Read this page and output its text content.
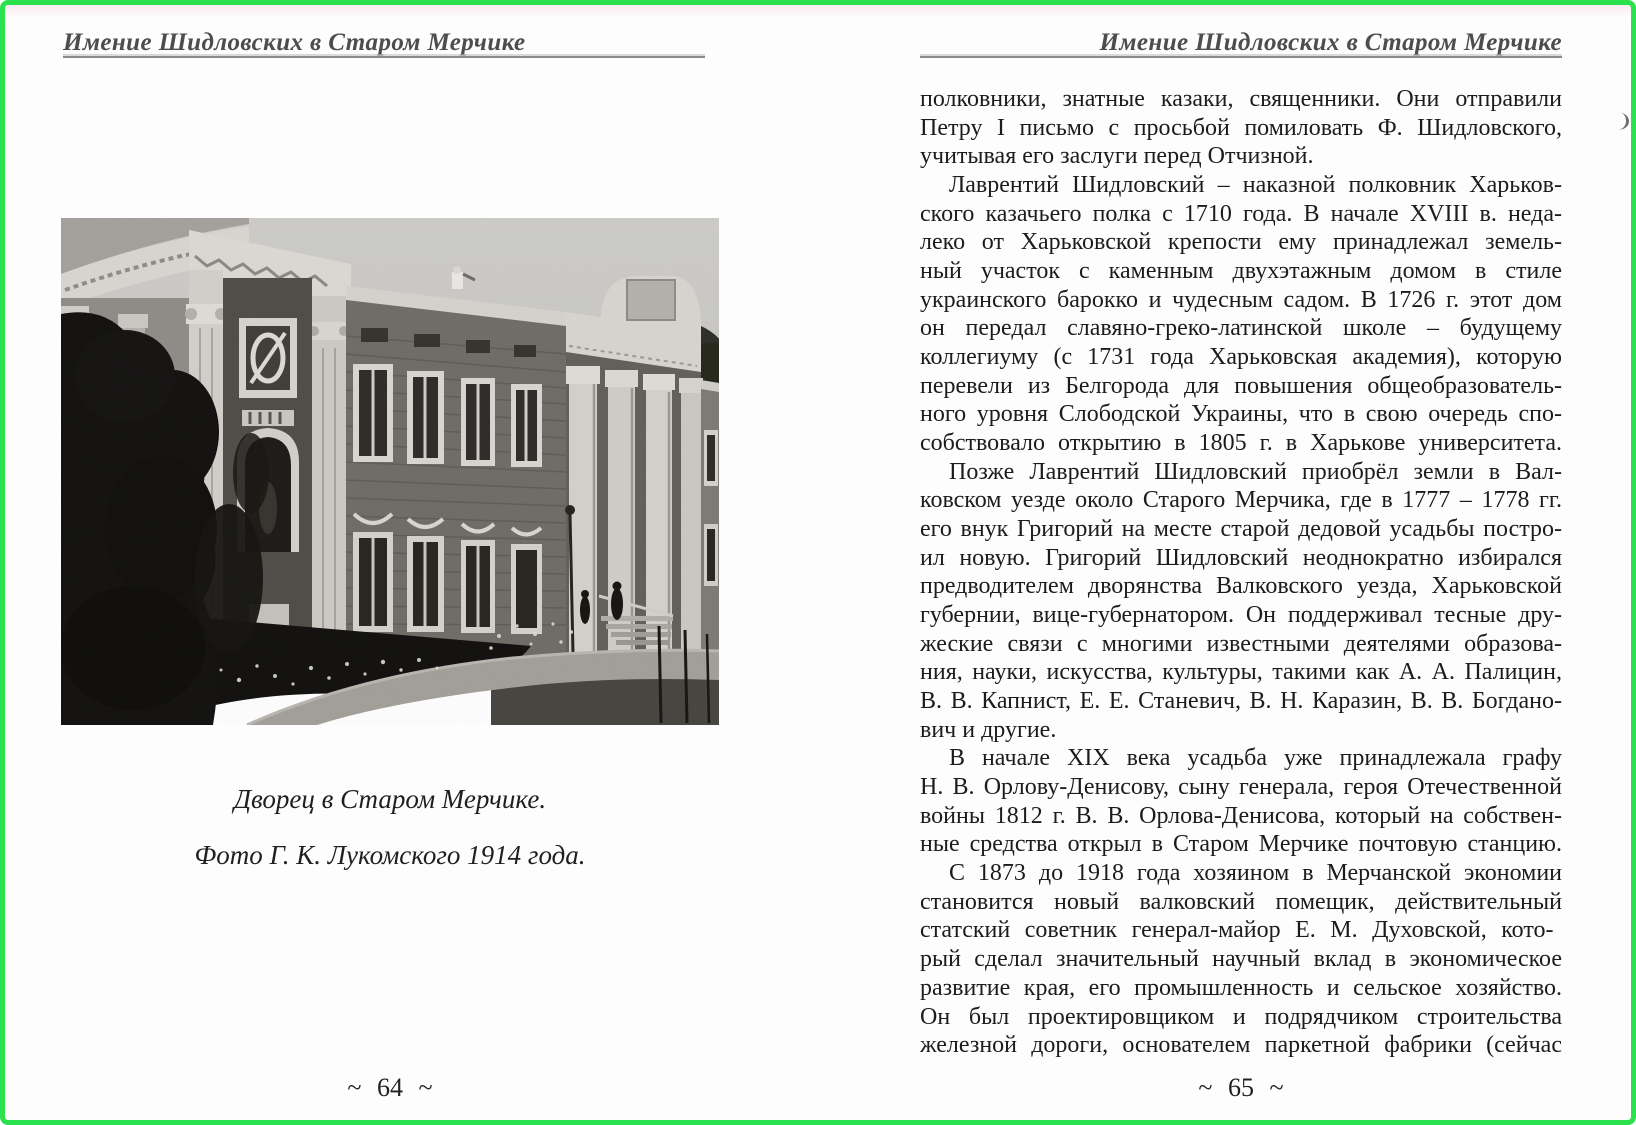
Имение Шидловских в Старом Мерчике
Дворец в Старом Мерчике.
Фото Г. К. Лукомского 1914 года.
~ 64 ~
Имение Шидловских в Старом Мерчике
полковники, знатные казаки, священники. Они отправили
Петру I письмо с просьбой помиловать Ф. Шидловского,
учитывая его заслуги перед Отчизной.
Лаврентий Шидловский – наказной полковник Харьков-
ского казачьего полка с 1710 года. В начале XVIII в. неда-
леко от Харьковской крепости ему принадлежал земель-
ный участок с каменным двухэтажным домом в стиле
украинского барокко и чудесным садом. В 1726 г. этот дом
он передал славяно-греко-латинской школе – будущему
коллегиуму (с 1731 года Харьковская академия), которую
перевели из Белгорода для повышения общеобразователь-
ного уровня Слободской Украины, что в свою очередь спо-
собствовало открытию в 1805 г. в Харькове университета.
Позже Лаврентий Шидловский приобрёл земли в Вал-
ковском уезде около Старого Мерчика, где в 1777 – 1778 гг.
его внук Григорий на месте старой дедовой усадьбы постро-
ил новую. Григорий Шидловский неоднократно избирался
предводителем дворянства Валковского уезда, Харьковской
губернии, вице-губернатором. Он поддерживал тесные дру-
жеские связи с многими известными деятелями образова-
ния, науки, искусства, культуры, такими как А. А. Палицин,
В. В. Капнист, Е. Е. Станевич, В. Н. Каразин, В. В. Богдано-
вич и другие.
В начале XIX века усадьба уже принадлежала графу
Н. В. Орлову-Денисову, сыну генерала, героя Отечественной
войны 1812 г. В. В. Орлова-Денисова, который на собствен-
ные средства открыл в Старом Мерчике почтовую станцию.
С 1873 до 1918 года хозяином в Мерчанской экономии
становится новый валковский помещик, действительный
статский советник генерал-майор Е. М. Духовской, кото-
рый сделал значительный научный вклад в экономическое
развитие края, его промышленность и сельское хозяйство.
Он был проектировщиком и подрядчиком строительства
железной дороги, основателем паркетной фабрики (сейчас
~ 65 ~
